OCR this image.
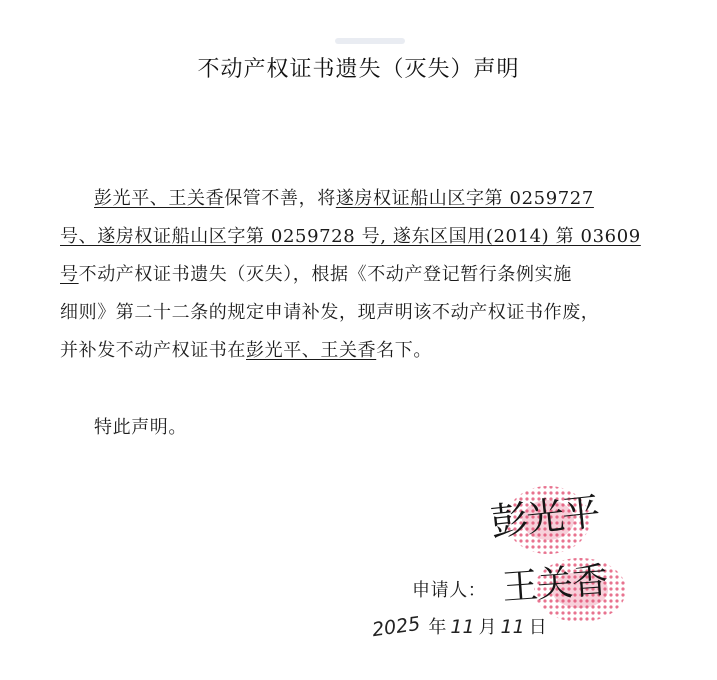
不动产权证书遗失（灭失）声明
彭光平、王关香保管不善，将遂房权证船山区字第 0259727
号、遂房权证船山区字第 0259728 号, 遂东区国用(2014) 第 03609
号不动产权证书遗失（灭失），根据《不动产登记暂行条例实施
细则》第二十二条的规定申请补发，现声明该不动产权证书作废，
并补发不动产权证书在彭光平、王关香名下。
特此声明。
彭光平
王关香
申请人：
2025 年 11 月 11 日
